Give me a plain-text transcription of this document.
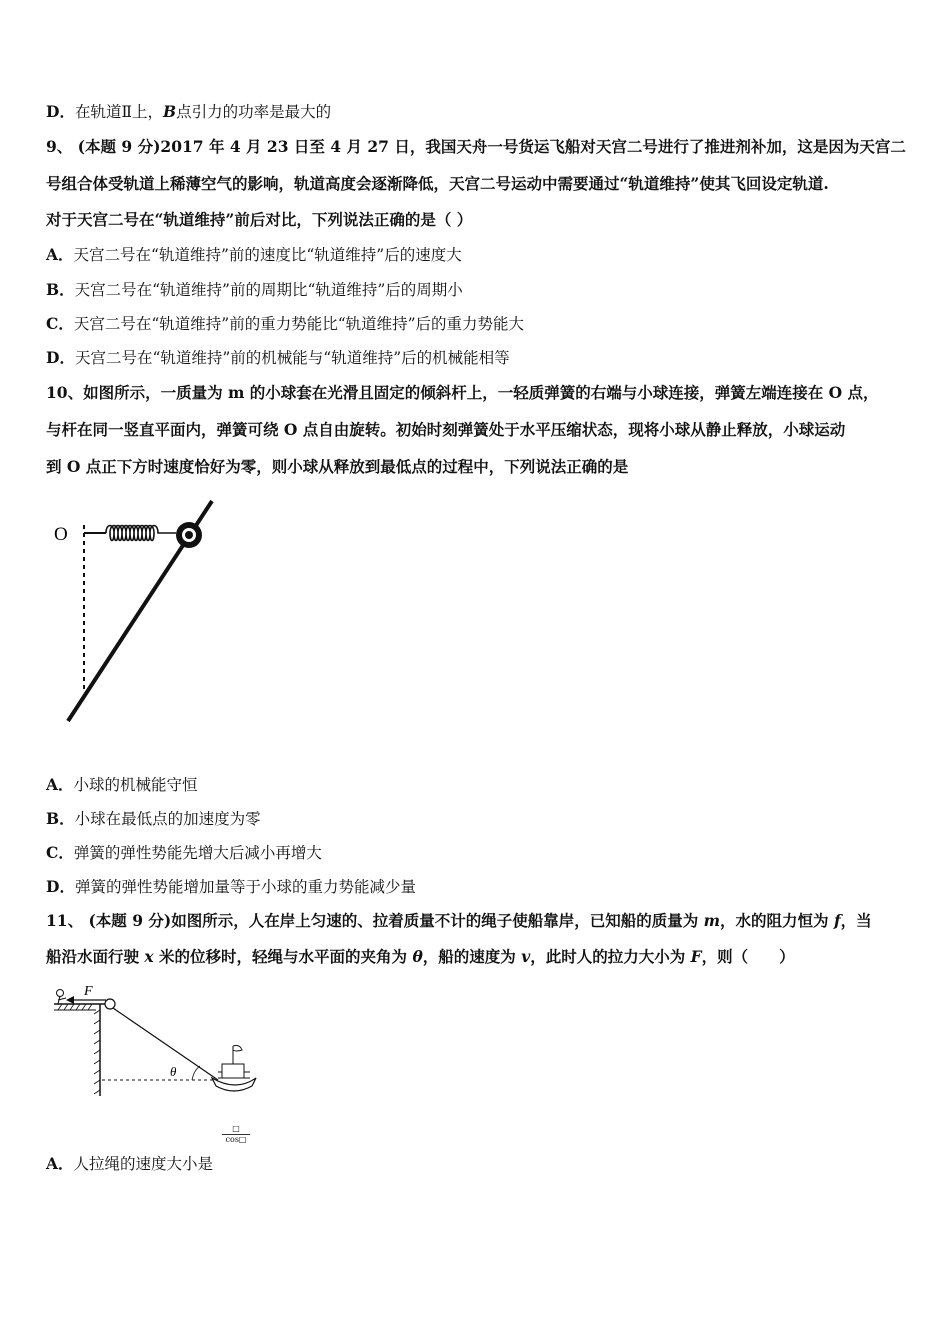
D．在轨道Ⅱ上，B点引力的功率是最大的
9、 (本题 9 分)2017 年 4 月 23 日至 4 月 27 日，我国天舟一号货运飞船对天宫二号进行了推进剂补加，这是因为天宫二
号组合体受轨道上稀薄空气的影响，轨道高度会逐渐降低，天宫二号运动中需要通过“轨道维持”使其飞回设定轨道.
对于天宫二号在“轨道维持”前后对比，下列说法正确的是（ ）
A．天宫二号在“轨道维持”前的速度比“轨道维持”后的速度大
B．天宫二号在“轨道维持”前的周期比“轨道维持”后的周期小
C．天宫二号在“轨道维持”前的重力势能比“轨道维持”后的重力势能大
D．天宫二号在“轨道维持”前的机械能与“轨道维持”后的机械能相等
10、如图所示，一质量为 m 的小球套在光滑且固定的倾斜杆上，一轻质弹簧的右端与小球连接，弹簧左端连接在 O 点，
与杆在同一竖直平面内，弹簧可绕 O 点自由旋转。初始时刻弹簧处于水平压缩状态，现将小球从静止释放，小球运动
到 O 点正下方时速度恰好为零，则小球从释放到最低点的过程中，下列说法正确的是
O
A．小球的机械能守恒
B．小球在最低点的加速度为零
C．弹簧的弹性势能先增大后减小再增大
D．弹簧的弹性势能增加量等于小球的重力势能减少量
11、 (本题 9 分)如图所示，人在岸上匀速的、拉着质量不计的绳子使船靠岸，已知船的质量为 m，水的阻力恒为 f，当
船沿水面行驶 x 米的位移时，轻绳与水平面的夹角为 θ，船的速度为 v，此时人的拉力大小为 F，则（　　）
F
θ
□
cos□
A．人拉绳的速度大小是
